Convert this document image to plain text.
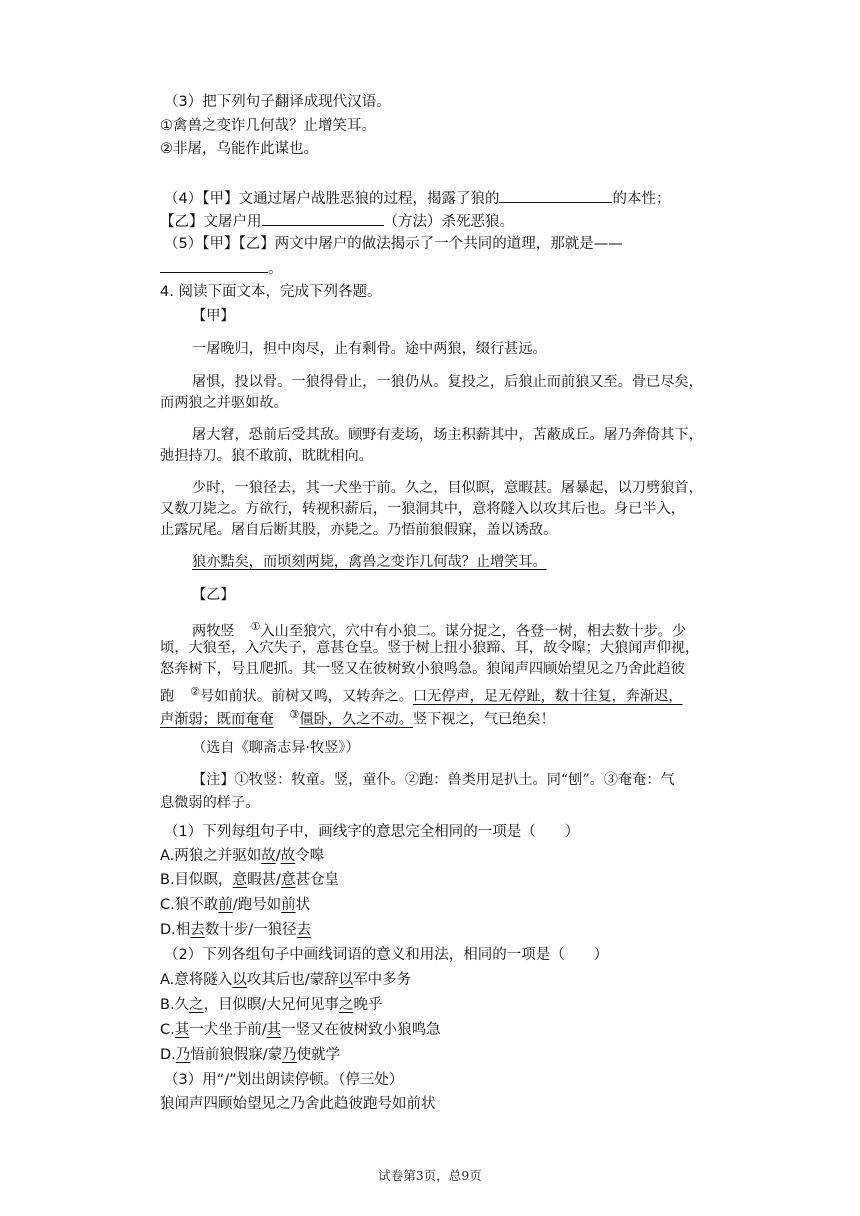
（3）把下列句子翻译成现代汉语。
①禽兽之变诈几何哉？止增笑耳。
②非屠，乌能作此谋也。
（4）【甲】文通过屠户战胜恶狼的过程，揭露了狼的	的本性；
【乙】文屠户用	（方法）杀死恶狼。
（5）【甲】【乙】两文中屠户的做法揭示了一个共同的道理，那就是——
。
4. 阅读下面文本，完成下列各题。
【甲】
一屠晚归，担中肉尽，止有剩骨。途中两狼，缀行甚远。
屠惧，投以骨。一狼得骨止，一狼仍从。复投之，后狼止而前狼又至。骨已尽矣，
而两狼之并驱如故。
屠大窘，恐前后受其敌。顾野有麦场，场主积薪其中，苫蔽成丘。屠乃奔倚其下，
弛担持刀。狼不敢前，眈眈相向。
少时，一狼径去，其一犬坐于前。久之，目似瞑，意暇甚。屠暴起，以刀劈狼首，
又数刀毙之。方欲行，转视积薪后，一狼洞其中，意将隧入以攻其后也。身已半入，
止露尻尾。屠自后断其股，亦毙之。乃悟前狼假寐，盖以诱敌。
狼亦黠矣，而顷刻两毙，禽兽之变诈几何哉？止增笑耳。
【乙】
两牧竖 ①入山至狼穴，穴中有小狼二。谋分捉之，各登一树，相去数十步。少
顷，大狼至，入穴失子，意甚仓皇。竖于树上扭小狼蹄、耳，故令嗥；大狼闻声仰视，
怒奔树下，号且爬抓。其一竖又在彼树致小狼鸣急。狼闻声四顾始望见之乃舍此趋彼
跑 ②号如前状。前树又鸣，又转奔之。口无停声，足无停趾，数十往复，奔渐迟，
声渐弱；既而奄奄 ③僵卧，久之不动。竖下视之，气已绝矣！
（选自《聊斋志异·牧竖》）
【注】①牧竖：牧童。竖，童仆。②跑：兽类用足扒土。同“刨”。③奄奄：气
息微弱的样子。
（1）下列每组句子中，画线字的意思完全相同的一项是（　　）
A.两狼之并驱如故/故令嗥
B.目似瞑，意暇甚/意甚仓皇
C.狼不敢前/跑号如前状
D.相去数十步/一狼径去
（2）下列各组句子中画线词语的意义和用法，相同的一项是（　　）
A.意将隧入以攻其后也/蒙辞以军中多务
B.久之，目似瞑/大兄何见事之晚乎
C.其一犬坐于前/其一竖又在彼树致小狼鸣急
D.乃悟前狼假寐/蒙乃使就学
（3）用“/”划出朗读停顿。（停三处）
狼闻声四顾始望见之乃舍此趋彼跑号如前状
试卷第3页，总9页
